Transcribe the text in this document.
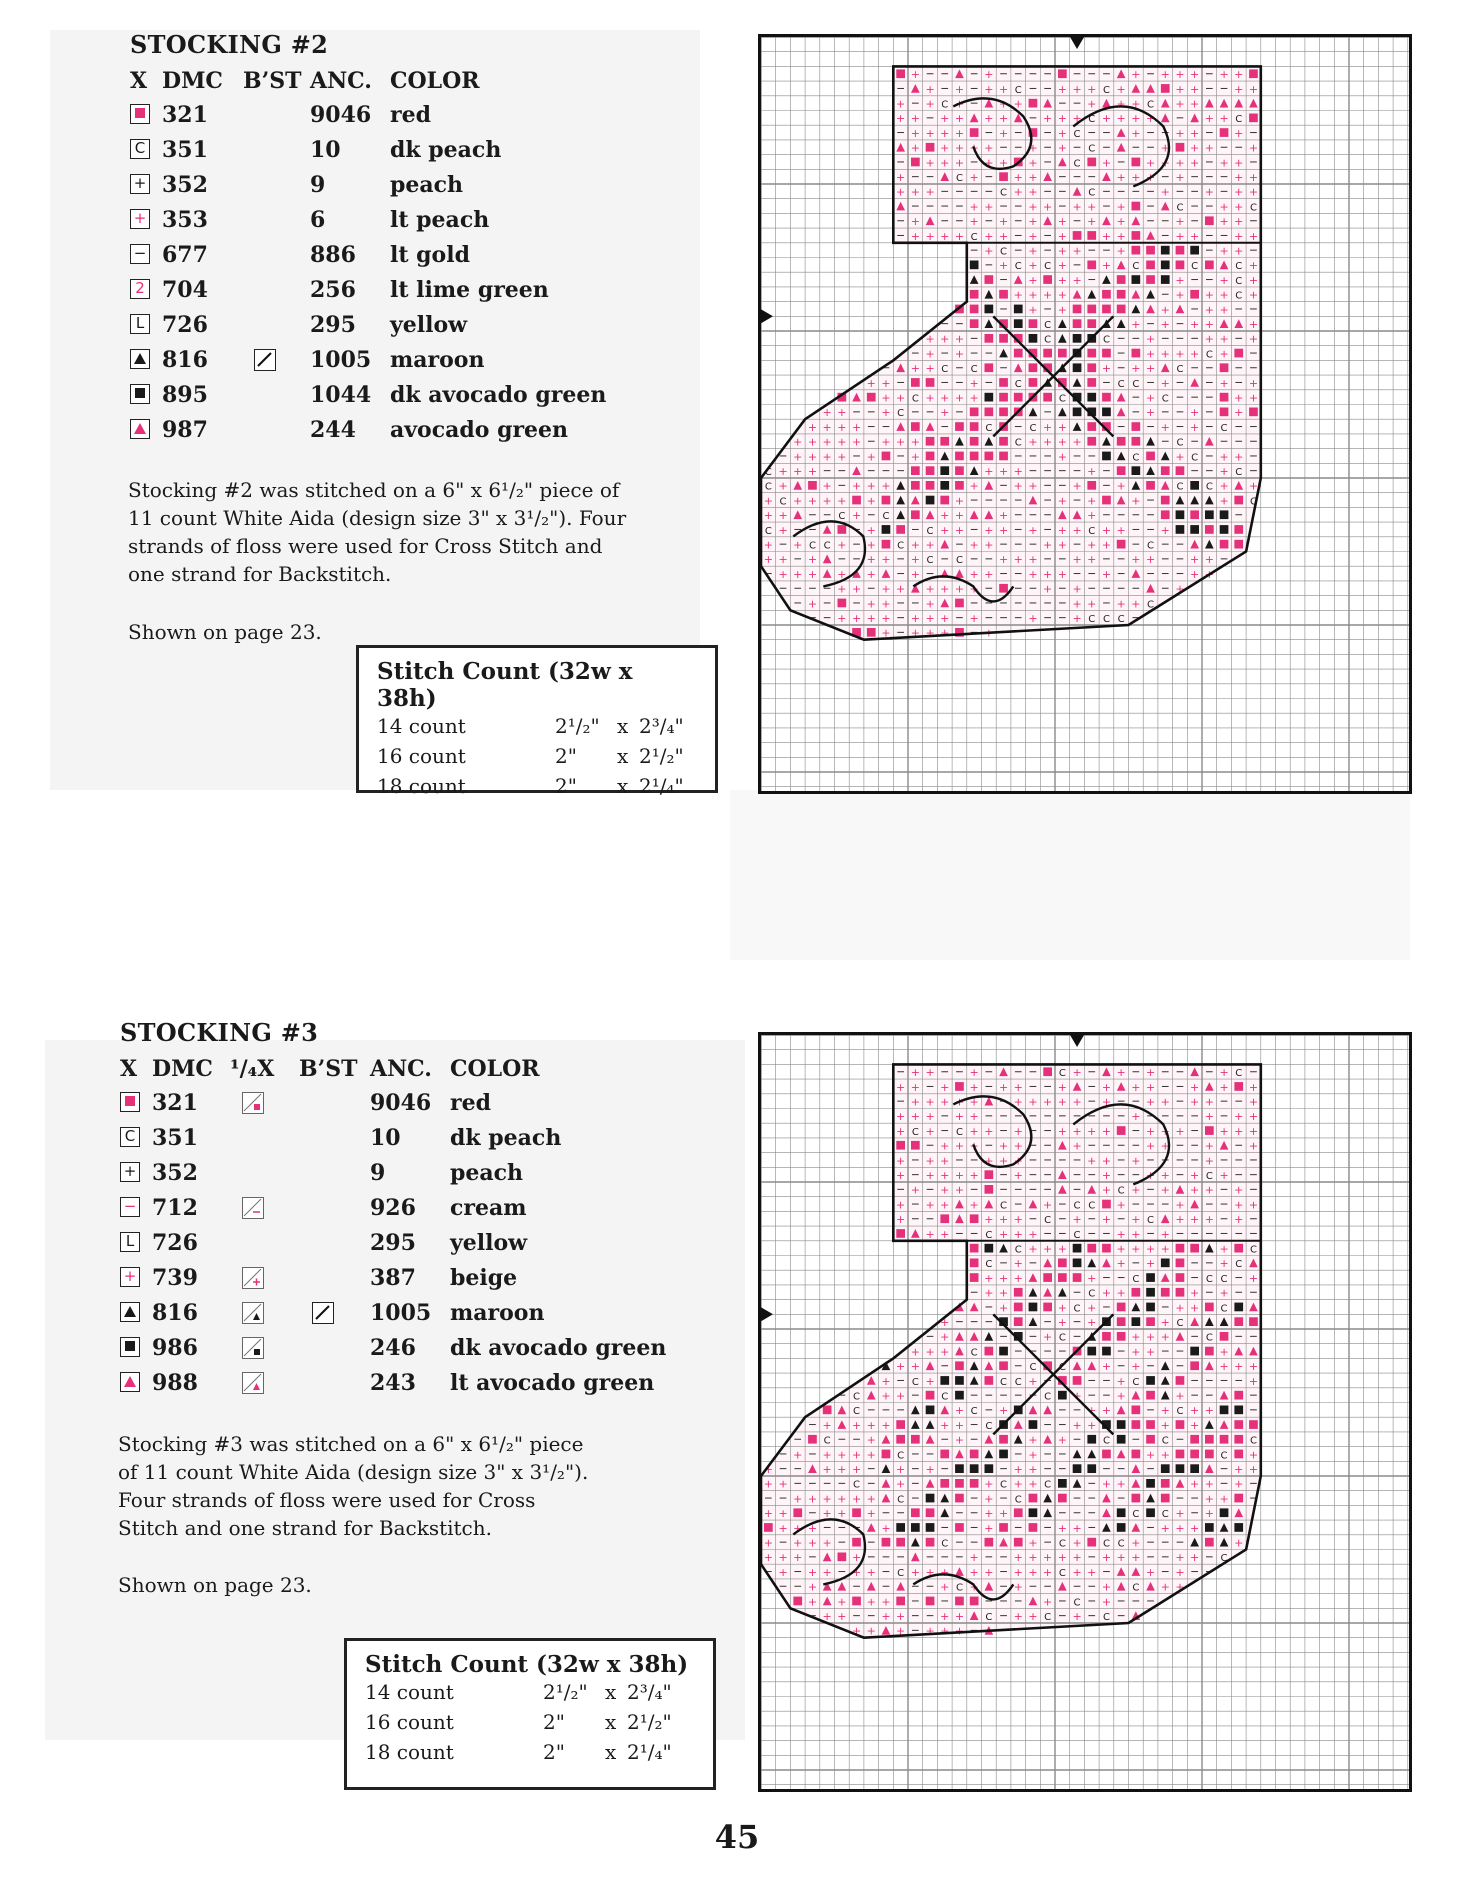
STOCKING #2
X DMC B’ST ANC. COLOR
321	9046 red
C 351	10 dk peach
+ 352	9	peach
+ 353	6	lt peach
− 677	886 lt gold
2 704	256 lt lime green
L 726	295 yellow
816	1005 maroon
895	1044 dk avocado green
987	244 avocado green
Stocking #2 was stitched on a 6" x 6¹/₂" piece of 11 count White Aida (design size 3" x 3¹/₂"). Four strands of floss were used for Cross Stitch and one strand for Backstitch.
Shown on page 23.
Stitch Count (32w x 38h)
14 count	2¹/₂" x 2³/₄"
16 count	2" x 2¹/₂"
18 count	2" x 2¹/₄"
C
C
+
+
C
+
+
+
+
C
+
+
+
+
+
+
+
+
+
+
+
+
+
+
+
C
+
+
+
+
+
+
+
+
+
C
+
+
+
+
+
C
+
+
+
+
+
+
+
+
+
+
+
+
+
+
+
+
+
+
+
+
+
+
+
+
+
C
+
+
+
+
+
+
+
+
+
+
C
+
C
+
+
+
+
+
+
+
+
+
C
+
+
+
+
+
+
+
+
+
+
+
+
+
+
+
+
+
C
+
C
+
+
+
+
C
+
+
+
+
+
+
C
+
+
+
+
+
+
+
+
+
+
+
+
+
C
+
+
+
+
+
+
+
C
+
+
+
+
+
C
C
+
+
+
+
+
+
+
+
+
+
+
+
+
+
+
C
+
+
+
+
+
+
+
+
+
+
C
+
+
C
+
+
+
+
+
C
+
+
+
C
+
C
C
+
+
+
+
+
+
+
+
+
+
+
+
+
+
+
C
+
+
+
+
+
+
+
+
C
+
C
C
+
+
+
+
+
+
+
+
+
+
+
+
+
+
+
+
C
+
+
+
+
+
+
+
+
+
C
C
+
+
+
+
+
+
+
+
+
+
+
+
C
C
C
+
+
+
+
+
C
+
+
+
C
C
+
+
+
+
C
+
+
+
+
C
+
+
+
+
+
+
+
+
C
+
+
+
C
+
+
+
+
+
C
+
+
C
C
+
+
+
C
+
+
+
+
+
+
+
+
C
+
C
+
+
+
+
+
+
+
+
C
+
+
+
+
+
+
+
+
C
+
+
+
+
+
C
C
+
C
+
+
+
+
+
+
+
+
C
+
+
+
+
C
+
+
+
+
+
+
+
+
+
C
C
+
+
+
+
+
+
+
+
+
+
+
+
+
+
C
+
+
+
+
+
+
C
+
+
+
+
+
+
+
+
C
C
C
+
+
+
C
+
+
+
+
C
+
+
+
+
+
+
+
+
+
C
STOCKING #3
X DMC ¹/₄X B’ST ANC. COLOR
321	9046 red
C 351	10 dk peach
+ 352	9	peach
− 712	926 cream
L 726	295 yellow
+ 739	387 beige
816	1005 maroon
986	246 dk avocado green
988	243 lt avocado green
Stocking #3 was stitched on a 6" x 6¹/₂" piece of 11 count White Aida (design size 3" x 3¹/₂"). Four strands of floss were used for Cross Stitch and one strand for Backstitch.
Shown on page 23.
Stitch Count (32w x 38h)
14 count	2¹/₂" x 2³/₄"
16 count	2" x 2¹/₂"
18 count	2" x 2¹/₄"
+
+
+
+
+
+
+
+
+
+
+
+
+
+
+
+
+
+
+
+
+
+
C
+
+
+
+
+
+
+
+
+
+
+
+
+
C
C
+
+
+
C
+
+
+
+
+
+
+
+
+
+
+
+
+
+
+
+
+
+
+
+
+
+
+
+
+
+
+
C
+
+
C
C
+
+
+
+
+
+
C
+
+
+
C
+
+
+
+
+
+
+
+
+
+
+
+
+
+
+
+
+
+
+
+
+
+
+
+
+
C
+
C
+
+
+
+
+
+
C
+
+
+
+
+
+
C
+
+
+
+
+
+
+
+
+
+
C
C
+
+
+
+
+
+
C
C
+
+
C
+
+
+
+
+
C
+
+
+
C
+
+
+
+
+
C
+
C
+
+
+
+
+
+
+
+
+
C
+
+
C
+
+
C
+
+
+
+
+
+
+
C
+
+
+
+
+
+
+
+
+
+
+
C
+
+
C
C
+
+
+
C
C
+
+
+
+
+
+
C
C
+
+
C
+
C
+
+
+
+
C
+
C
C
+
+
+
+
+
+
C
+
+
+
C
+
C
+
+
+
+
+
+
+
+
+
+
+
+
+
+
+
C
+
C
+
+
+
C
+
C
+
+
+
+
+
+
+
+
C
+
+
+
+
+
+
+
+
C
+
+
+
C
C
+
+
C
+
+
+
+
+
+
C
+
+
+
+
+
+
+
+
+
+
+
+
+
+
+
+
+
C
+
C
+
+
+
+
+
+
C
+
C
+
+
+
+
+
+
+
+
+
+
+
+
+
+
+
+
+
+
+
+
+
C
+
+
C
C
+
+
+
+
+
+
+
+
+
+
C
+
C
+
+
C
+
C
C
+
+
+
+
+
C
+
+
+
+
+
+
+
+
+
+
C
+
+
+
C
+
+
45
